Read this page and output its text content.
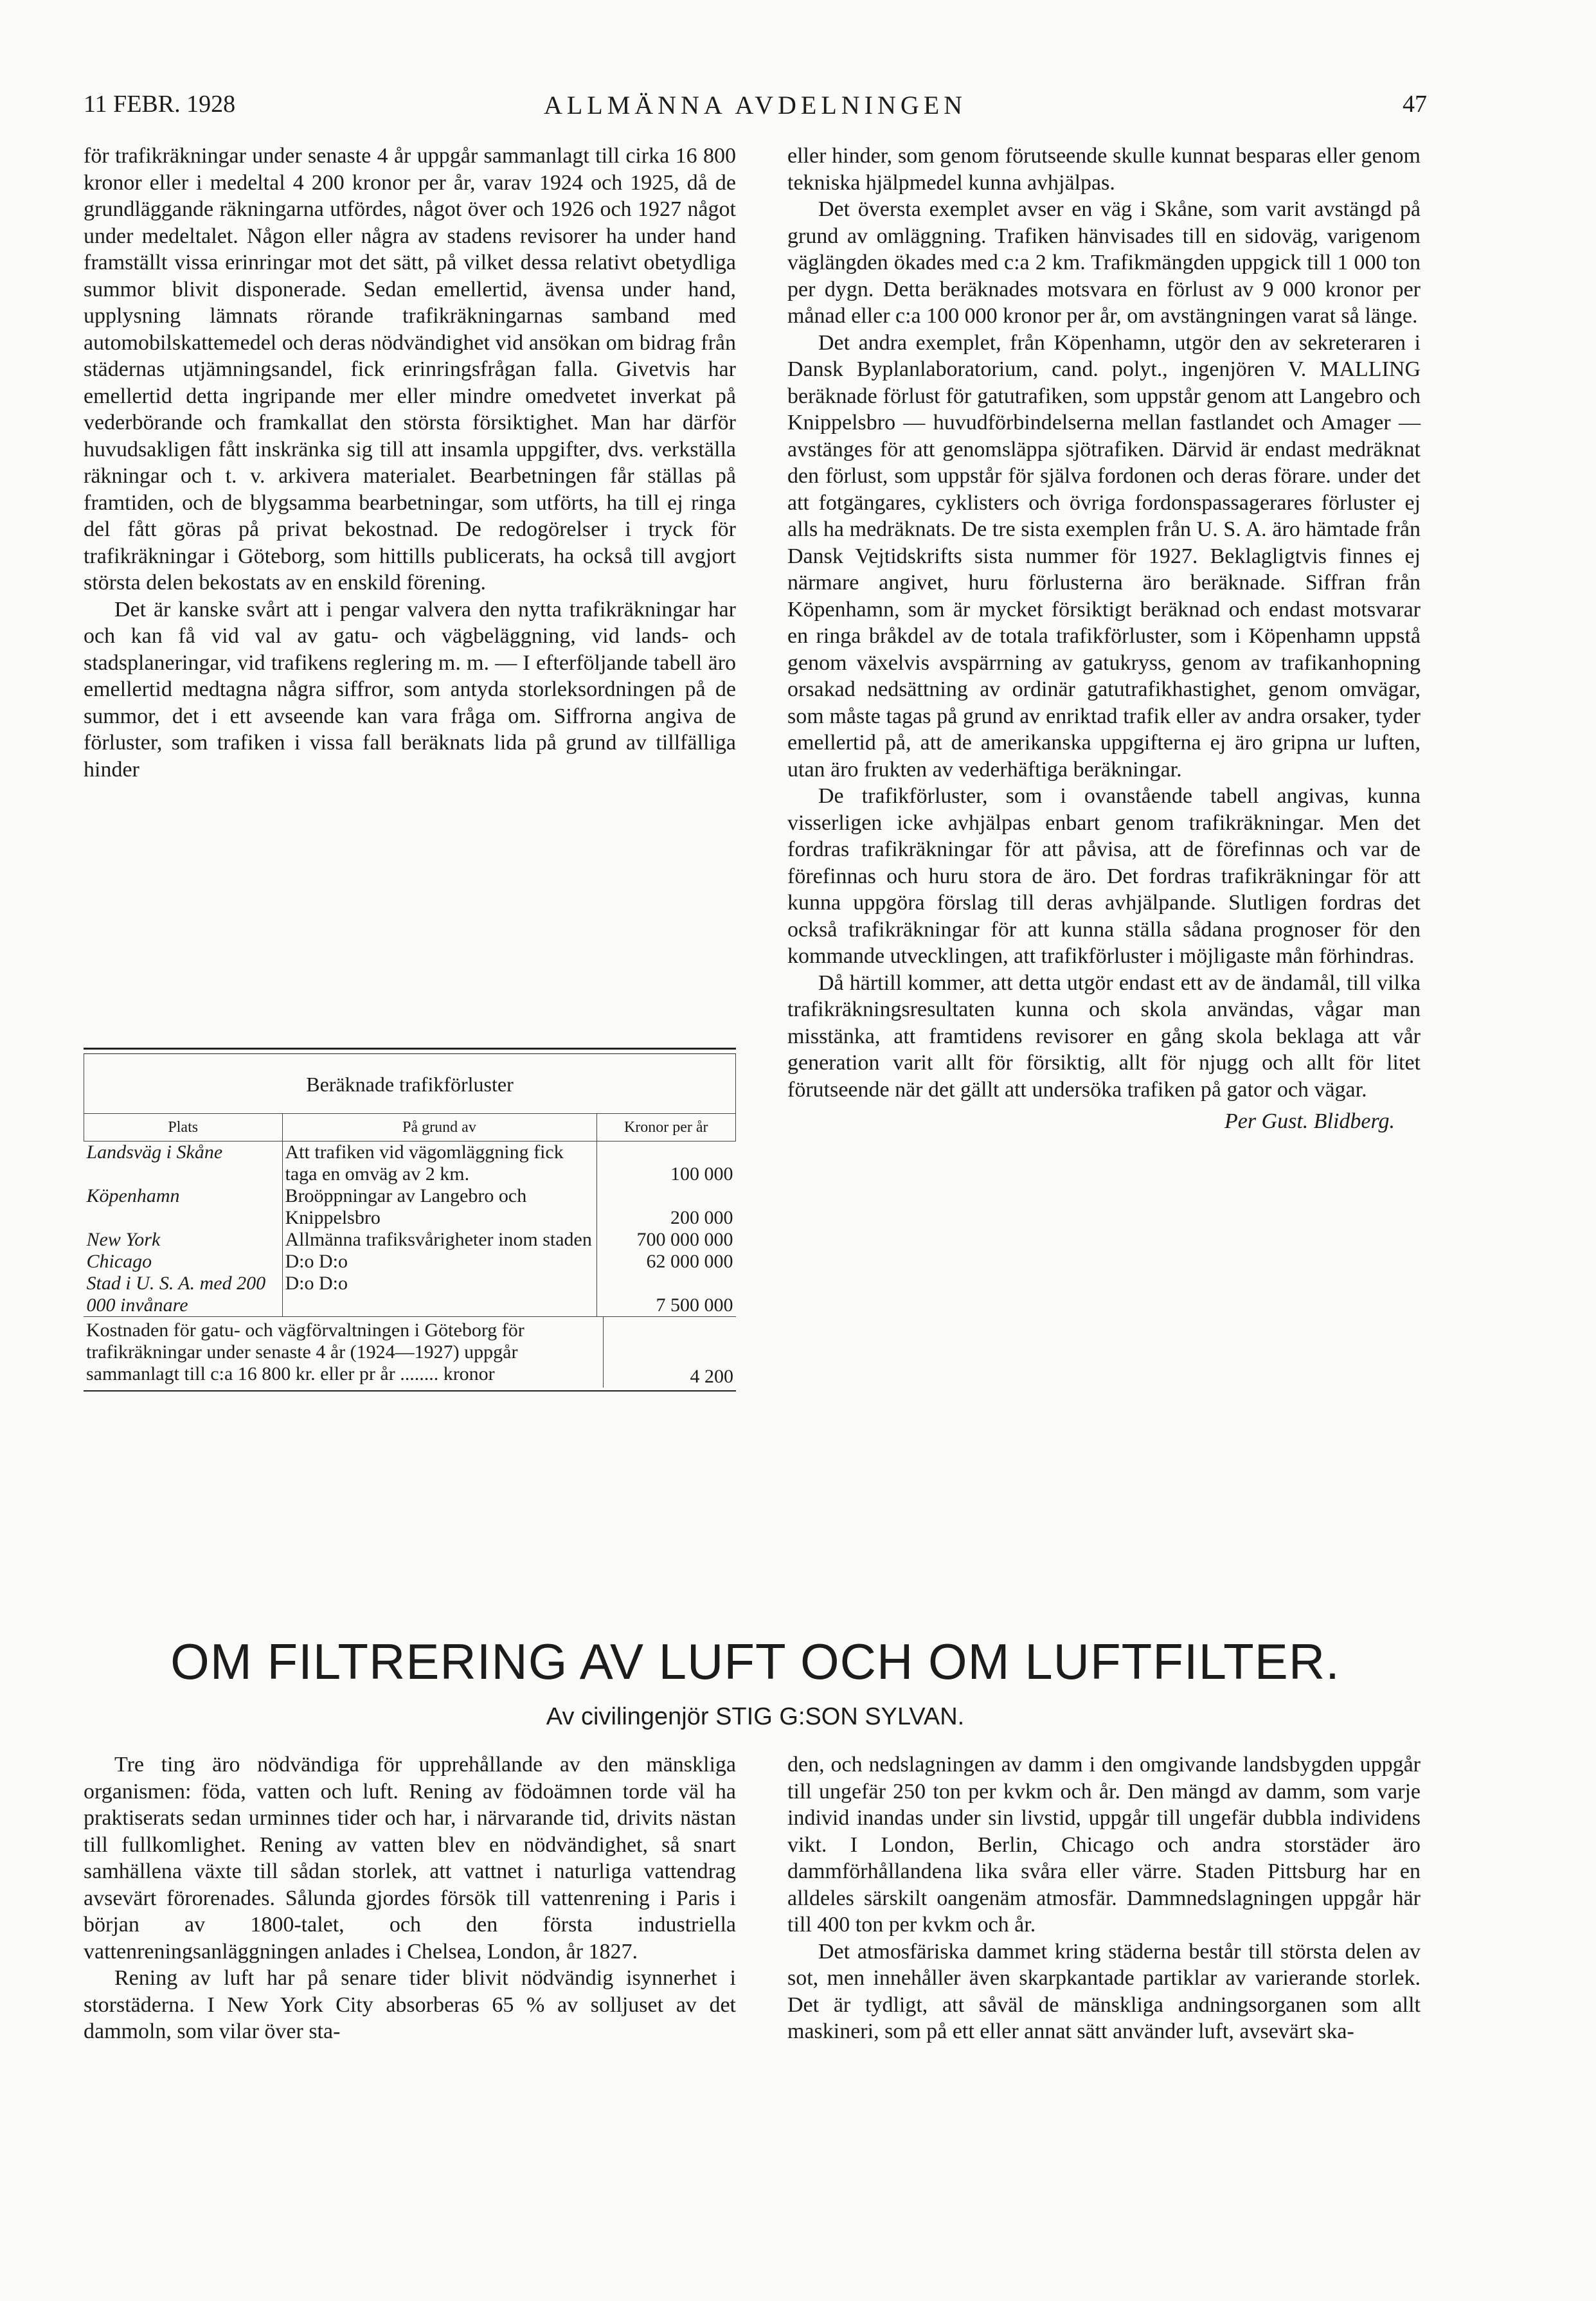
11 FEBR. 1928	ALLMÄNNA AVDELNINGEN	47

för trafikräkningar under senaste 4 år uppgår sammanlagt till cirka 16 800 kronor eller i medeltal 4 200 kronor per år, varav 1924 och 1925, då de grundläggande räkningarna utfördes, något över och 1926 och 1927 något under medeltalet. Någon eller några av stadens revisorer ha under hand framställt vissa erinringar mot det sätt, på vilket dessa relativt obetydliga summor blivit disponerade. Sedan emellertid, ävensa under hand, upplysning lämnats rörande trafikräkningarnas samband med automobilskattemedel och deras nödvändighet vid ansökan om bidrag från städernas utjämningsandel, fick erinringsfrågan falla. Givetvis har emellertid detta ingripande mer eller mindre omedvetet inverkat på vederbörande och framkallat den största försiktighet. Man har därför huvudsakligen fått inskränka sig till att insamla uppgifter, dvs. verkställa räkningar och t. v. arkivera materialet. Bearbetningen får ställas på framtiden, och de blygsamma bearbetningar, som utförts, ha till ej ringa del fått göras på privat bekostnad. De redogörelser i tryck för trafikräkningar i Göteborg, som hittills publicerats, ha också till avgjort största delen bekostats av en enskild förening.

Det är kanske svårt att i pengar valvera den nytta trafikräkningar har och kan få vid val av gatu- och vägbeläggning, vid lands- och stadsplaneringar, vid trafikens reglering m. m. — I efterföljande tabell äro emellertid medtagna några siffror, som antyda storleksordningen på de summor, det i ett avseende kan vara fråga om. Siffrorna angiva de förluster, som trafiken i vissa fall beräknats lida på grund av tillfälliga hinder

Beräknade trafikförluster
Plats	På grund av	Kronor per år
Landsväg i Skåne	Att trafiken vid vägomläggning fick taga en omväg av 2 km.	100 000
Köpenhamn	Broöppningar av Langebro och Knippelsbro	200 000
New York	Allmänna trafiksvårigheter inom staden	700 000 000
Chicago	D:o D:o	62 000 000
Stad i U. S. A. med 200 000 invånare	D:o D:o	7 500 000
Kostnaden för gatu- och vägförvaltningen i Göteborg för trafikräkningar under senaste 4 år (1924—1927) uppgår sammanlagt till c:a 16 800 kr. eller pr år ........ kronor	4 200

eller hinder, som genom förutseende skulle kunnat besparas eller genom tekniska hjälpmedel kunna avhjälpas.

Det översta exemplet avser en väg i Skåne, som varit avstängd på grund av omläggning. Trafiken hänvisades till en sidoväg, varigenom väglängden ökades med c:a 2 km. Trafikmängden uppgick till 1 000 ton per dygn. Detta beräknades motsvara en förlust av 9 000 kronor per månad eller c:a 100 000 kronor per år, om avstängningen varat så länge.

Det andra exemplet, från Köpenhamn, utgör den av sekreteraren i Dansk Byplanlaboratorium, cand. polyt., ingenjören V. MALLING beräknade förlust för gatutrafiken, som uppstår genom att Langebro och Knippelsbro — huvudförbindelserna mellan fastlandet och Amager — avstänges för att genomsläppa sjötrafiken. Därvid är endast medräknat den förlust, som uppstår för själva fordonen och deras förare. under det att fotgängares, cyklisters och övriga fordonspassagerares förluster ej alls ha medräknats. De tre sista exemplen från U. S. A. äro hämtade från Dansk Vejtidskrifts sista nummer för 1927. Beklagligtvis finnes ej närmare angivet, huru förlusterna äro beräknade. Siffran från Köpenhamn, som är mycket försiktigt beräknad och endast motsvarar en ringa bråkdel av de totala trafikförluster, som i Köpenhamn uppstå genom växelvis avspärrning av gatukryss, genom av trafikanhopning orsakad nedsättning av ordinär gatutrafikhastighet, genom omvägar, som måste tagas på grund av enriktad trafik eller av andra orsaker, tyder emellertid på, att de amerikanska uppgifterna ej äro gripna ur luften, utan äro frukten av vederhäftiga beräkningar.

De trafikförluster, som i ovanstående tabell angivas, kunna visserligen icke avhjälpas enbart genom trafikräkningar. Men det fordras trafikräkningar för att påvisa, att de förefinnas och var de förefinnas och huru stora de äro. Det fordras trafikräkningar för att kunna uppgöra förslag till deras avhjälpande. Slutligen fordras det också trafikräkningar för att kunna ställa sådana prognoser för den kommande utvecklingen, att trafikförluster i möjligaste mån förhindras.

Då härtill kommer, att detta utgör endast ett av de ändamål, till vilka trafikräkningsresultaten kunna och skola användas, vågar man misstänka, att framtidens revisorer en gång skola beklaga att vår generation varit allt för försiktig, allt för njugg och allt för litet förutseende när det gällt att undersöka trafiken på gator och vägar.

Per Gust. Blidberg.
OM FILTRERING AV LUFT OCH OM LUFTFILTER.
Av civilingenjör STIG G:SON SYLVAN.

Tre ting äro nödvändiga för upprehållande av den mänskliga organismen: föda, vatten och luft. Rening av födoämnen torde väl ha praktiserats sedan urminnes tider och har, i närvarande tid, drivits nästan till fullkomlighet. Rening av vatten blev en nödvändighet, så snart samhällena växte till sådan storlek, att vattnet i naturliga vattendrag avsevärt förorenades. Sålunda gjordes försök till vattenrening i Paris i början av 1800-talet, och den första industriella vattenreningsanläggningen anlades i Chelsea, London, år 1827.

Rening av luft har på senare tider blivit nödvändig isynnerhet i storstäderna. I New York City absorberas 65 % av solljuset av det dammoln, som vilar över sta-

den, och nedslagningen av damm i den omgivande landsbygden uppgår till ungefär 250 ton per kvkm och år. Den mängd av damm, som varje individ inandas under sin livstid, uppgår till ungefär dubbla individens vikt. I London, Berlin, Chicago och andra storstäder äro dammförhållandena lika svåra eller värre. Staden Pittsburg har en alldeles särskilt oangenäm atmosfär. Dammnedslagningen uppgår här till 400 ton per kvkm och år.

Det atmosfäriska dammet kring städerna består till största delen av sot, men innehåller även skarpkantade partiklar av varierande storlek. Det är tydligt, att såväl de mänskliga andningsorganen som allt maskineri, som på ett eller annat sätt använder luft, avsevärt ska-
